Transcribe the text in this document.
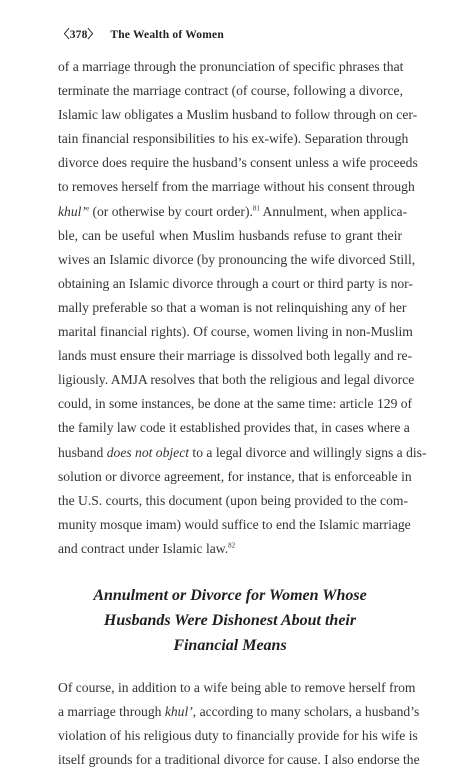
〈378〉 The Wealth of Women

of a marriage through the pronunciation of specific phrases that
terminate the marriage contract (of course, following a divorce,
Islamic law obligates a Muslim husband to follow through on cer-
tain financial responsibilities to his ex-wife). Separation through
divorce does require the husband’s consent unless a wife proceeds
to removes herself from the marriage without his consent through
khul’$^e$ (or otherwise by court order).$^{81}$ Annulment, when applica-
ble, can be useful when Muslim husbands refuse to grant their
wives an Islamic divorce (by pronouncing the wife divorced Still,
obtaining an Islamic divorce through a court or third party is nor-
mally preferable so that a woman is not relinquishing any of her
marital financial rights). Of course, women living in non-Muslim
lands must ensure their marriage is dissolved both legally and re-
ligiously. AMJA resolves that both the religious and legal divorce
could, in some instances, be done at the same time: article 129 of
the family law code it established provides that, in cases where a
husband does not object to a legal divorce and willingly signs a dis-
solution or divorce agreement, for instance, that is enforceable in
the U.S. courts, this document (upon being provided to the com-
munity mosque imam) would suffice to end the Islamic marriage
and contract under Islamic law.$^{82}$

Annulment or Divorce for Women Whose
Husbands Were Dishonest About their
Financial Means

Of course, in addition to a wife being able to remove herself from
a marriage through khul’, according to many scholars, a husband’s
violation of his religious duty to financially provide for his wife is
itself grounds for a traditional divorce for cause. I also endorse the
